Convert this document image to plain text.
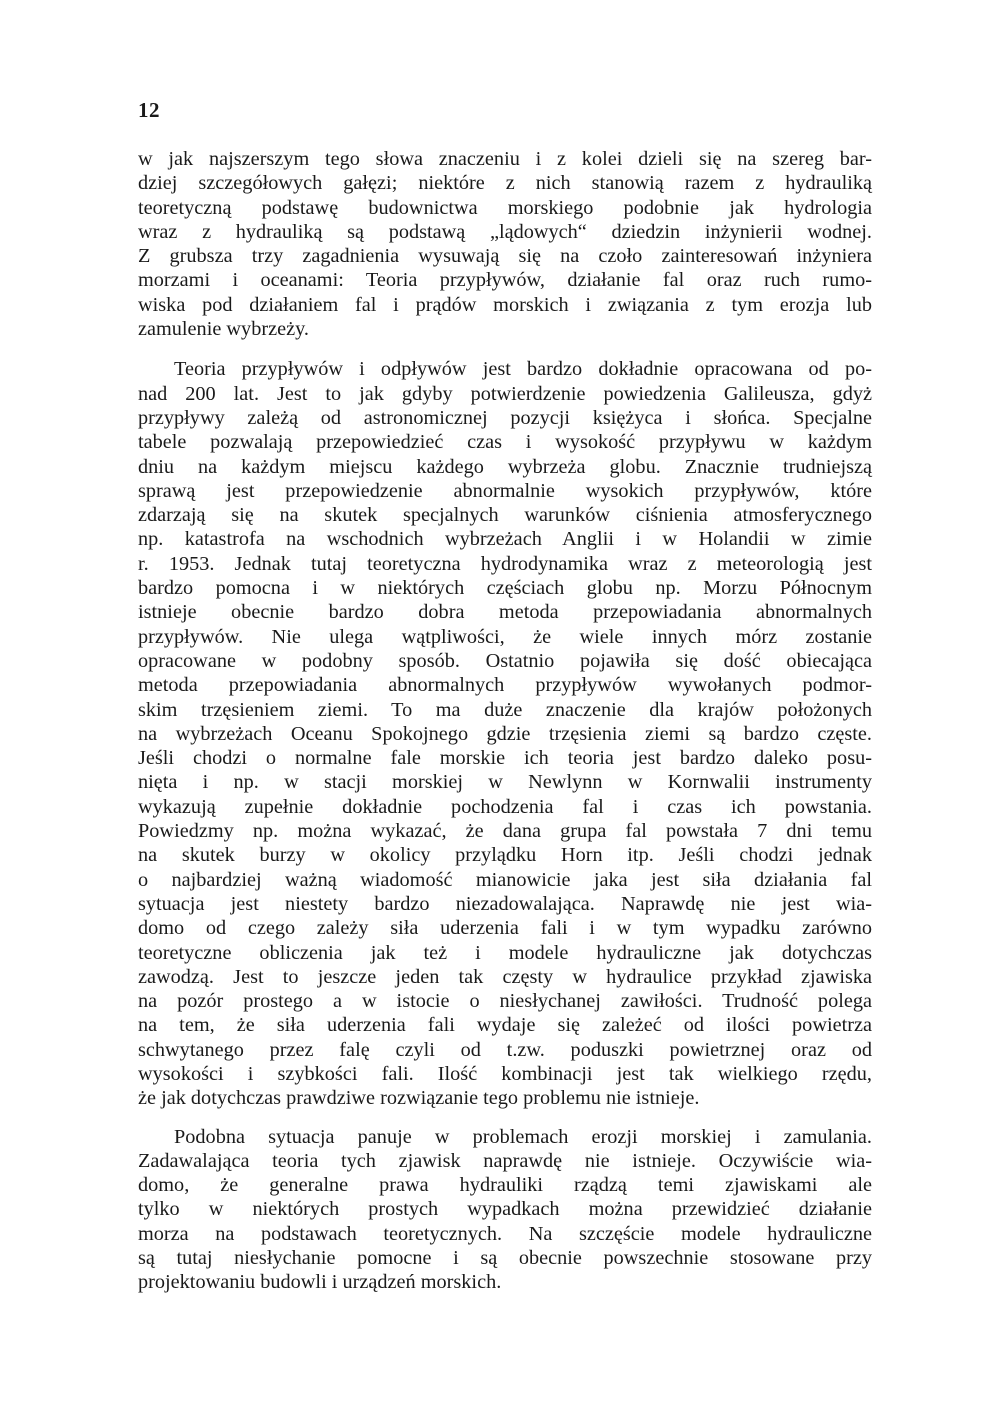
12
w jak najszerszym tego słowa znaczeniu i z kolei dzieli się na szereg bar-
dziej szczegółowych gałęzi; niektóre z nich stanowią razem z hydrauliką
teoretyczną podstawę budownictwa morskiego podobnie jak hydrologia
wraz z hydrauliką są podstawą „lądowych“ dziedzin inżynierii wodnej.
Z grubsza trzy zagadnienia wysuwają się na czoło zainteresowań inżyniera
morzami i oceanami: Teoria przypływów, działanie fal oraz ruch rumo-
wiska pod działaniem fal i prądów morskich i związania z tym erozja lub
zamulenie wybrzeży.
Teoria przypływów i odpływów jest bardzo dokładnie opracowana od po-
nad 200 lat. Jest to jak gdyby potwierdzenie powiedzenia Galileusza, gdyż
przypływy zależą od astronomicznej pozycji księżyca i słońca. Specjalne
tabele pozwalają przepowiedzieć czas i wysokość przypływu w każdym
dniu na każdym miejscu każdego wybrzeża globu. Znacznie trudniejszą
sprawą jest przepowiedzenie abnormalnie wysokich przypływów, które
zdarzają się na skutek specjalnych warunków ciśnienia atmosferycznego
np. katastrofa na wschodnich wybrzeżach Anglii i w Holandii w zimie
r. 1953. Jednak tutaj teoretyczna hydrodynamika wraz z meteorologią jest
bardzo pomocna i w niektórych częściach globu np. Morzu Północnym
istnieje obecnie bardzo dobra metoda przepowiadania abnormalnych
przypływów. Nie ulega wątpliwości, że wiele innych mórz zostanie
opracowane w podobny sposób. Ostatnio pojawiła się dość obiecająca
metoda przepowiadania abnormalnych przypływów wywołanych podmor-
skim trzęsieniem ziemi. To ma duże znaczenie dla krajów położonych
na wybrzeżach Oceanu Spokojnego gdzie trzęsienia ziemi są bardzo częste.
Jeśli chodzi o normalne fale morskie ich teoria jest bardzo daleko posu-
nięta i np. w stacji morskiej w Newlynn w Kornwalii instrumenty
wykazują zupełnie dokładnie pochodzenia fal i czas ich powstania.
Powiedzmy np. można wykazać, że dana grupa fal powstała 7 dni temu
na skutek burzy w okolicy przylądku Horn itp. Jeśli chodzi jednak
o najbardziej ważną wiadomość mianowicie jaka jest siła działania fal
sytuacja jest niestety bardzo niezadowalająca. Naprawdę nie jest wia-
domo od czego zależy siła uderzenia fali i w tym wypadku zarówno
teoretyczne obliczenia jak też i modele hydrauliczne jak dotychczas
zawodzą. Jest to jeszcze jeden tak częsty w hydraulice przykład zjawiska
na pozór prostego a w istocie o niesłychanej zawiłości. Trudność polega
na tem, że siła uderzenia fali wydaje się zależeć od ilości powietrza
schwytanego przez falę czyli od t.zw. poduszki powietrznej oraz od
wysokości i szybkości fali. Ilość kombinacji jest tak wielkiego rzędu,
że jak dotychczas prawdziwe rozwiązanie tego problemu nie istnieje.
Podobna sytuacja panuje w problemach erozji morskiej i zamulania.
Zadawalająca teoria tych zjawisk naprawdę nie istnieje. Oczywiście wia-
domo, że generalne prawa hydrauliki rządzą temi zjawiskami ale
tylko w niektórych prostych wypadkach można przewidzieć działanie
morza na podstawach teoretycznych. Na szczęście modele hydrauliczne
są tutaj niesłychanie pomocne i są obecnie powszechnie stosowane przy
projektowaniu budowli i urządzeń morskich.
